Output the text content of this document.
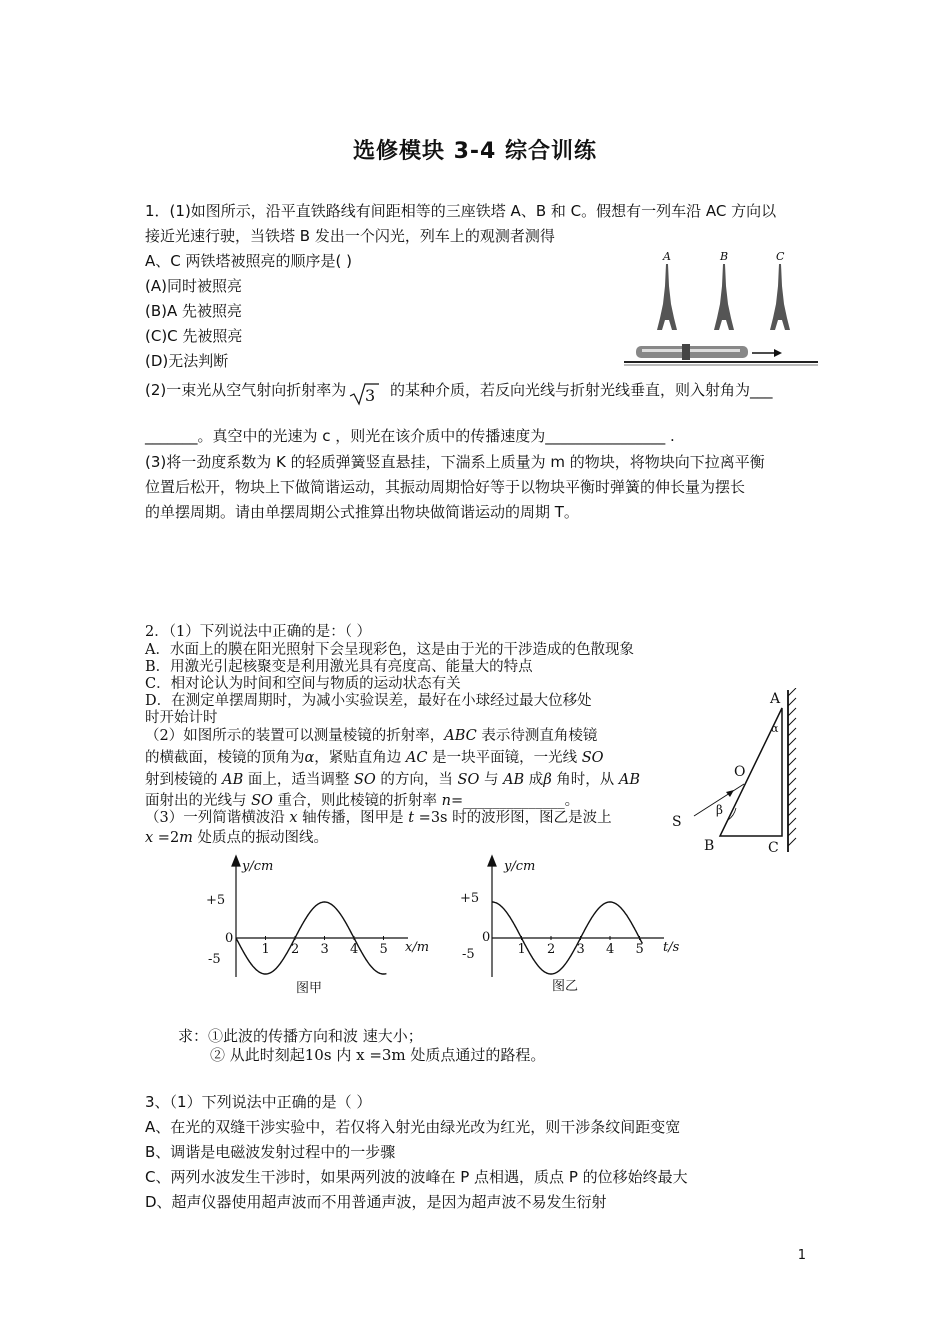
选修模块 3-4 综合训练
1．(1)如图所示，沿平直铁路线有间距相等的三座铁塔 A、B 和 C。假想有一列车沿 AC 方向以
接近光速行驶，当铁塔 B 发出一个闪光，列车上的观测者测得
A、C 两铁塔被照亮的顺序是( )
(A)同时被照亮
(B)A 先被照亮
(C)C 先被照亮
(D)无法判断
(2)一束光从空气射向折射率为 3 的某种介质，若反向光线与折射光线垂直，则入射角为___
_______。真空中的光速为 c ，则光在该介质中的传播速度为________________ .
(3)将一劲度系数为 K 的轻质弹簧竖直悬挂，下湍系上质量为 m 的物块，将物块向下拉离平衡
位置后松开，物块上下做简谐运动，其振动周期恰好等于以物块平衡时弹簧的伸长量为摆长
的单摆周期。请由单摆周期公式推算出物块做简谐运动的周期 T。
A	B	C
2．（1）下列说法中正确的是：（ ）
A．水面上的膜在阳光照射下会呈现彩色，这是由于光的干涉造成的色散现象
B．用激光引起核聚变是利用激光具有亮度高、能量大的特点
C．相对论认为时间和空间与物质的运动状态有关
D．在测定单摆周期时，为减小实验误差，最好在小球经过最大位移处
时开始计时
（2）如图所示的装置可以测量棱镜的折射率，ABC 表示待测直角棱镜
的横截面，棱镜的顶角为α，紧贴直角边 AC 是一块平面镜，一光线 SO
射到棱镜的 AB 面上，适当调整 SO 的方向，当 SO 与 AB 成β 角时，从 AB
面射出的光线与 SO 重合，则此棱镜的折射率 n=______________。
（3）一列简谐横波沿 x 轴传播，图甲是 t =3s 时的波形图，图乙是波上
x =2m 处质点的振动图线。
A
α
O
β
S
B	C
y/cm
+5
-5
0
x/m
图甲
y/cm
+5
-5
0
t/s
图乙
1 2 3 4 5	1 2 3 4 5
求：①此波的传播方向和波 速大小；
② 从此时刻起10s 内 x =3m 处质点通过的路程。
3、（1）下列说法中正确的是（ ）
A、在光的双缝干涉实验中，若仅将入射光由绿光改为红光，则干涉条纹间距变宽
B、调谐是电磁波发射过程中的一步骤
C、两列水波发生干涉时，如果两列波的波峰在 P 点相遇，质点 P 的位移始终最大
D、超声仪器使用超声波而不用普通声波，是因为超声波不易发生衍射
1
